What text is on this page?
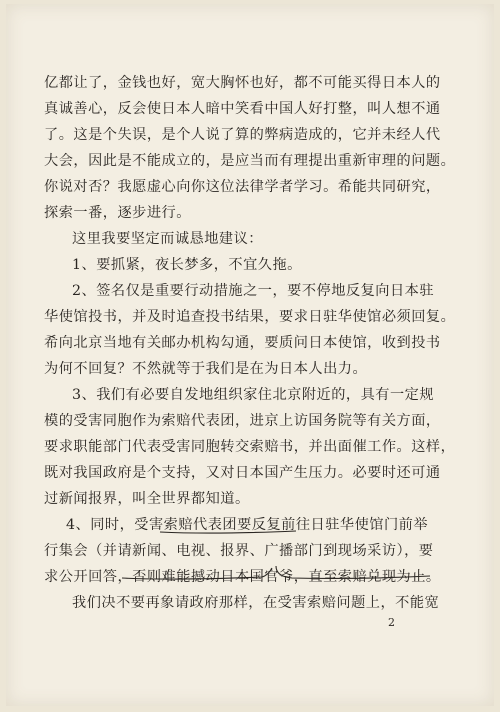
亿都让了，金钱也好，宽大胸怀也好，都不可能买得日本人的
真诚善心，反会使日本人暗中笑看中国人好打整，叫人想不通
了。这是个失误，是个人说了算的弊病造成的，它并未经人代
大会，因此是不能成立的，是应当而有理提出重新审理的问题。
你说对否？我愿虚心向你这位法律学者学习。希能共同研究，
探索一番，逐步进行。
这里我要坚定而诚恳地建议：
1、要抓紧，夜长梦多，不宜久拖。
2、签名仅是重要行动措施之一，要不停地反复向日本驻
华使馆投书，并及时追查投书结果，要求日驻华使馆必须回复。
希向北京当地有关邮办机构勾通，要质问日本使馆，收到投书
为何不回复？不然就等于我们是在为日本人出力。
3、我们有必要自发地组织家住北京附近的，具有一定规
模的受害同胞作为索赔代表团，进京上访国务院等有关方面，
要求职能部门代表受害同胞转交索赔书，并出面催工作。这样，
既对我国政府是个支持，又对日本国产生压力。必要时还可通
过新闻报界，叫全世界都知道。
4、同时，受害索赔代表团要反复前往日驻华使馆门前举
行集会（并请新闻、电视、报界、广播部门到现场采访），要
求公开回答，否则难能撼动日本国官爷，直至索赔兑现为止。
我们决不要再象请政府那样，在受害索赔问题上，不能宽
2
